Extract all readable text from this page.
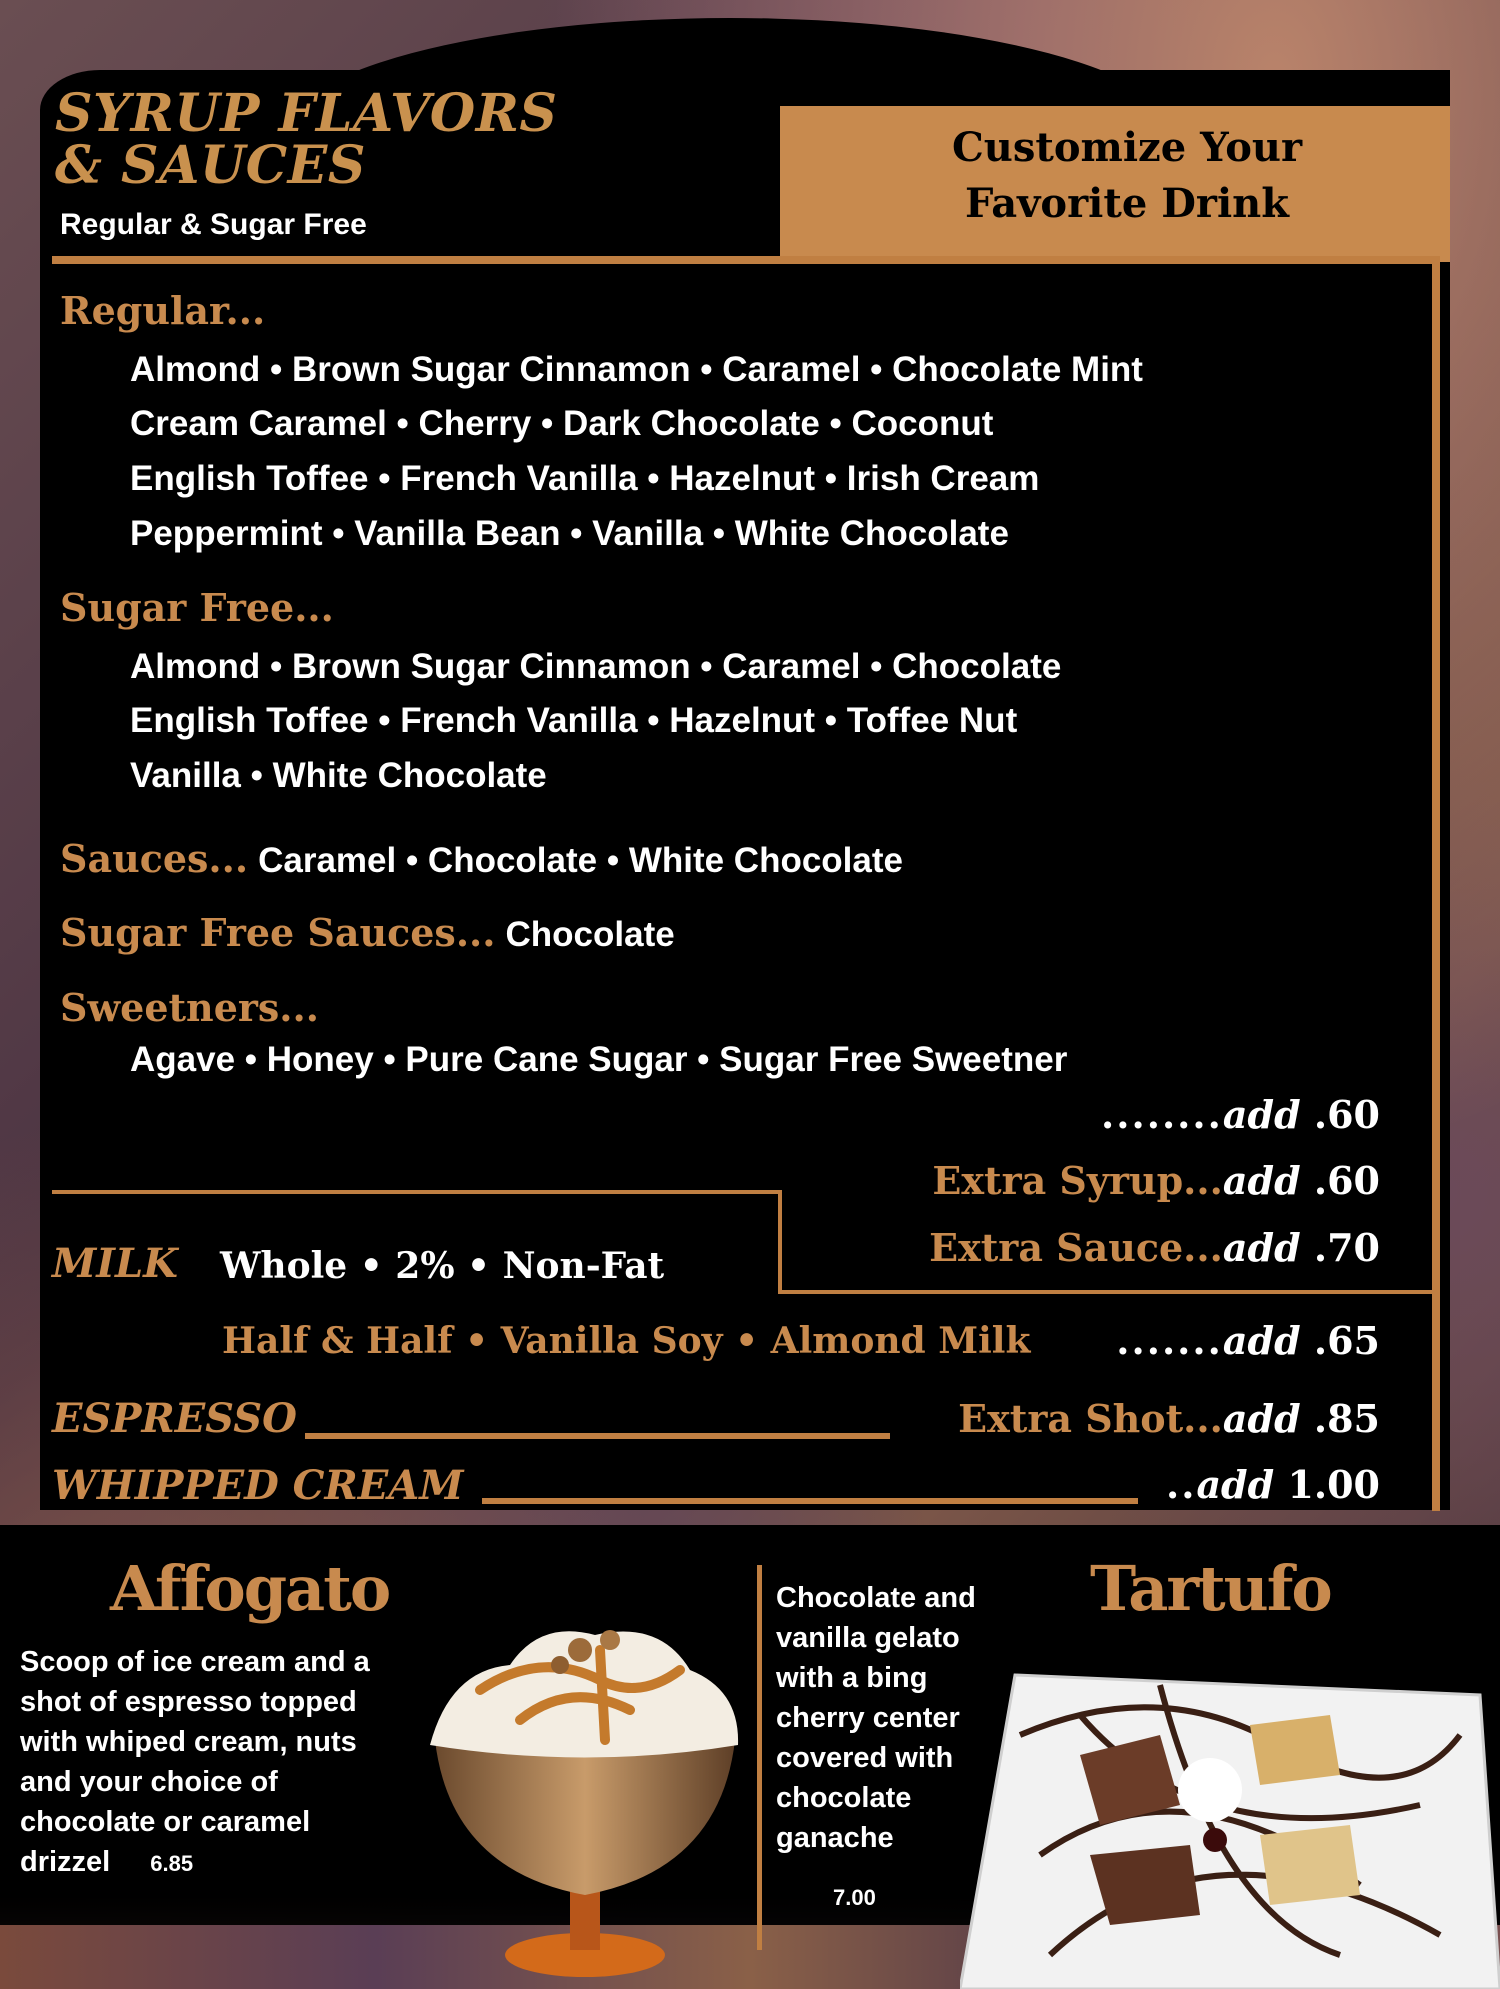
SYRUP FLAVORS
& SAUCES
Regular & Sugar Free
Customize Your
Favorite Drink
Regular...
Almond • Brown Sugar Cinnamon • Caramel • Chocolate Mint
Cream Caramel • Cherry • Dark Chocolate • Coconut
English Toffee • French Vanilla • Hazelnut • Irish Cream
Peppermint • Vanilla Bean • Vanilla • White Chocolate
Sugar Free...
Almond • Brown Sugar Cinnamon • Caramel • Chocolate
English Toffee • French Vanilla • Hazelnut • Toffee Nut
Vanilla • White Chocolate
Sauces... Caramel • Chocolate • White Chocolate
Sugar Free Sauces... Chocolate
Sweetners...
Agave • Honey • Pure Cane Sugar • Sugar Free Sweetner
........add .60
Extra Syrup...add .60
Extra Sauce...add .70
MILK Whole • 2% • Non-Fat
Half & Half • Vanilla Soy • Almond Milk .......add .65
ESPRESSO	Extra Shot...add .85
WHIPPED CREAM	..add 1.00
Affogato
Scoop of ice cream and a
shot of espresso topped
with whiped cream, nuts
and your choice of
chocolate or caramel
drizzel 6.85
Chocolate and
vanilla gelato
with a bing
cherry center
covered with
chocolate
ganache
7.00
Tartufo
